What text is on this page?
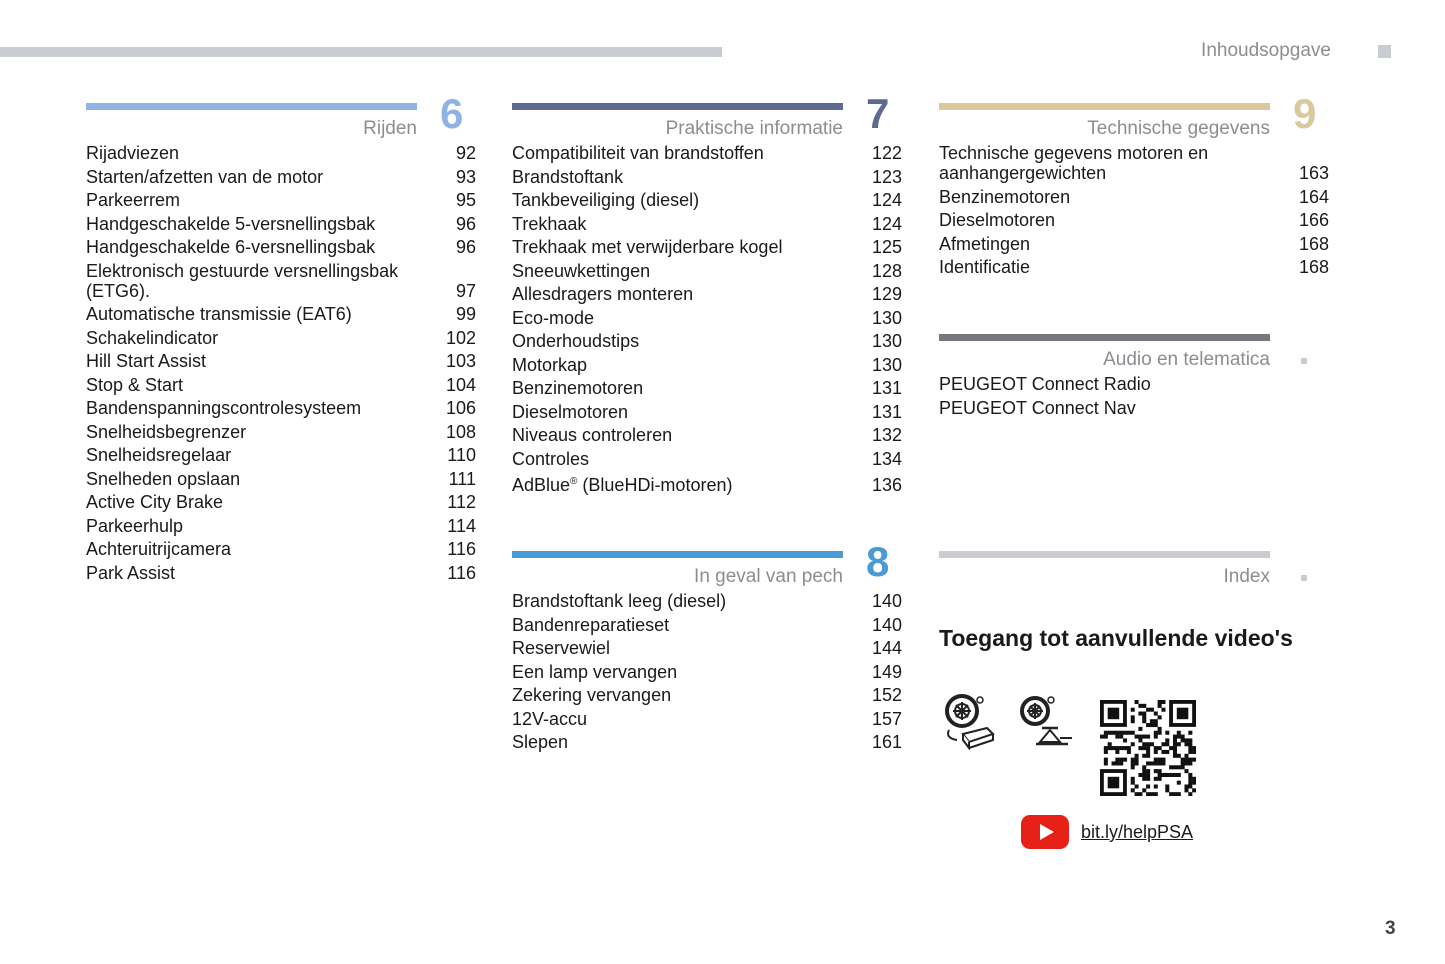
Inhoudsopgave
Rijden 6
Rijadviezen	92
Starten/afzetten van de motor	93
Parkeerrem	95
Handgeschakelde 5-versnellingsbak	96
Handgeschakelde 6-versnellingsbak	96
Elektronisch gestuurde versnellingsbak (ETG6).	97
Automatische transmissie (EAT6)	99
Schakelindicator	102
Hill Start Assist	103
Stop & Start	104
Bandenspanningscontrolesysteem	106
Snelheidsbegrenzer	108
Snelheidsregelaar	110
Snelheden opslaan	111
Active City Brake	112
Parkeerhulp	114
Achteruitrijcamera	116
Park Assist	116
Praktische informatie 7
Compatibiliteit van brandstoffen	122
Brandstoftank	123
Tankbeveiliging (diesel)	124
Trekhaak	124
Trekhaak met verwijderbare kogel	125
Sneeuwkettingen	128
Allesdragers monteren	129
Eco-mode	130
Onderhoudstips	130
Motorkap	130
Benzinemotoren	131
Dieselmotoren	131
Niveaus controleren	132
Controles	134
AdBlue® (BlueHDi-motoren)	136
In geval van pech 8
Brandstoftank leeg (diesel)	140
Bandenreparatieset	140
Reservewiel	144
Een lamp vervangen	149
Zekering vervangen	152
12V-accu	157
Slepen	161
Technische gegevens 9
Technische gegevens motoren en aanhangergewichten	163
Benzinemotoren	164
Dieselmotoren	166
Afmetingen	168
Identificatie	168
Audio en telematica
PEUGEOT Connect Radio
PEUGEOT Connect Nav
Index
Toegang tot aanvullende video's
bit.ly/helpPSA
3
